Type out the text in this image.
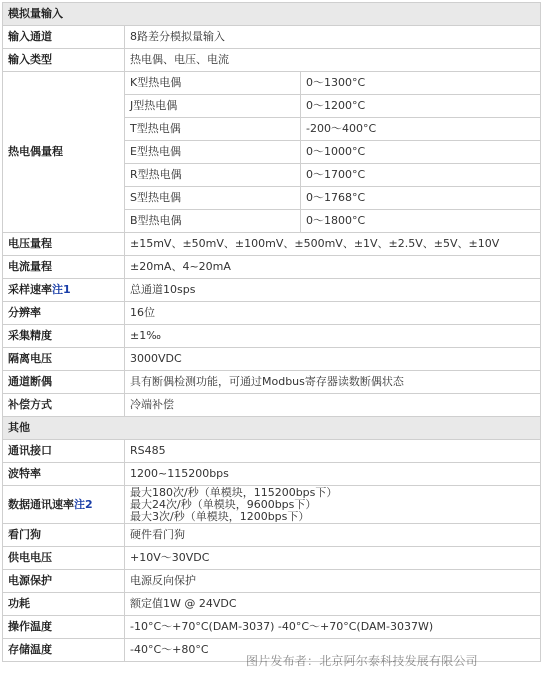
模拟量输入		
输入通道	8路差分模拟量输入	
输入类型	热电偶、电压、电流	
热电偶量程	K型热电偶	0～1300°C
	J型热电偶	0～1200°C
	T型热电偶	-200～400°C
	E型热电偶	0～1000°C
	R型热电偶	0～1700°C
	S型热电偶	0～1768°C
	B型热电偶	0～1800°C
电压量程	±15mV、±50mV、±100mV、±500mV、±1V、±2.5V、±5V、±10V	
电流量程	±20mA、4~20mA	
采样速率注1	总通道10sps	
分辨率	16位	
采集精度	±1‰	
隔离电压	3000VDC	
通道断偶	具有断偶检测功能，可通过Modbus寄存器读数断偶状态	
补偿方式	冷端补偿	
其他		
通讯接口	RS485	
波特率	1200~115200bps	
数据通讯速率注2	最大180次/秒（单模块，115200bps下）
最大24次/秒（单模块，9600bps下）
最大3次/秒（单模块，1200bps下）	

看门狗	硬件看门狗	
供电电压	+10V～30VDC	
电源保护	电源反向保护	
功耗	额定值1W @ 24VDC	
操作温度	-10°C～+70°C(DAM-3037) -40°C～+70°C(DAM-3037W)	
存储温度	-40°C～+80°C	
图片发布者：北京阿尔泰科技发展有限公司
